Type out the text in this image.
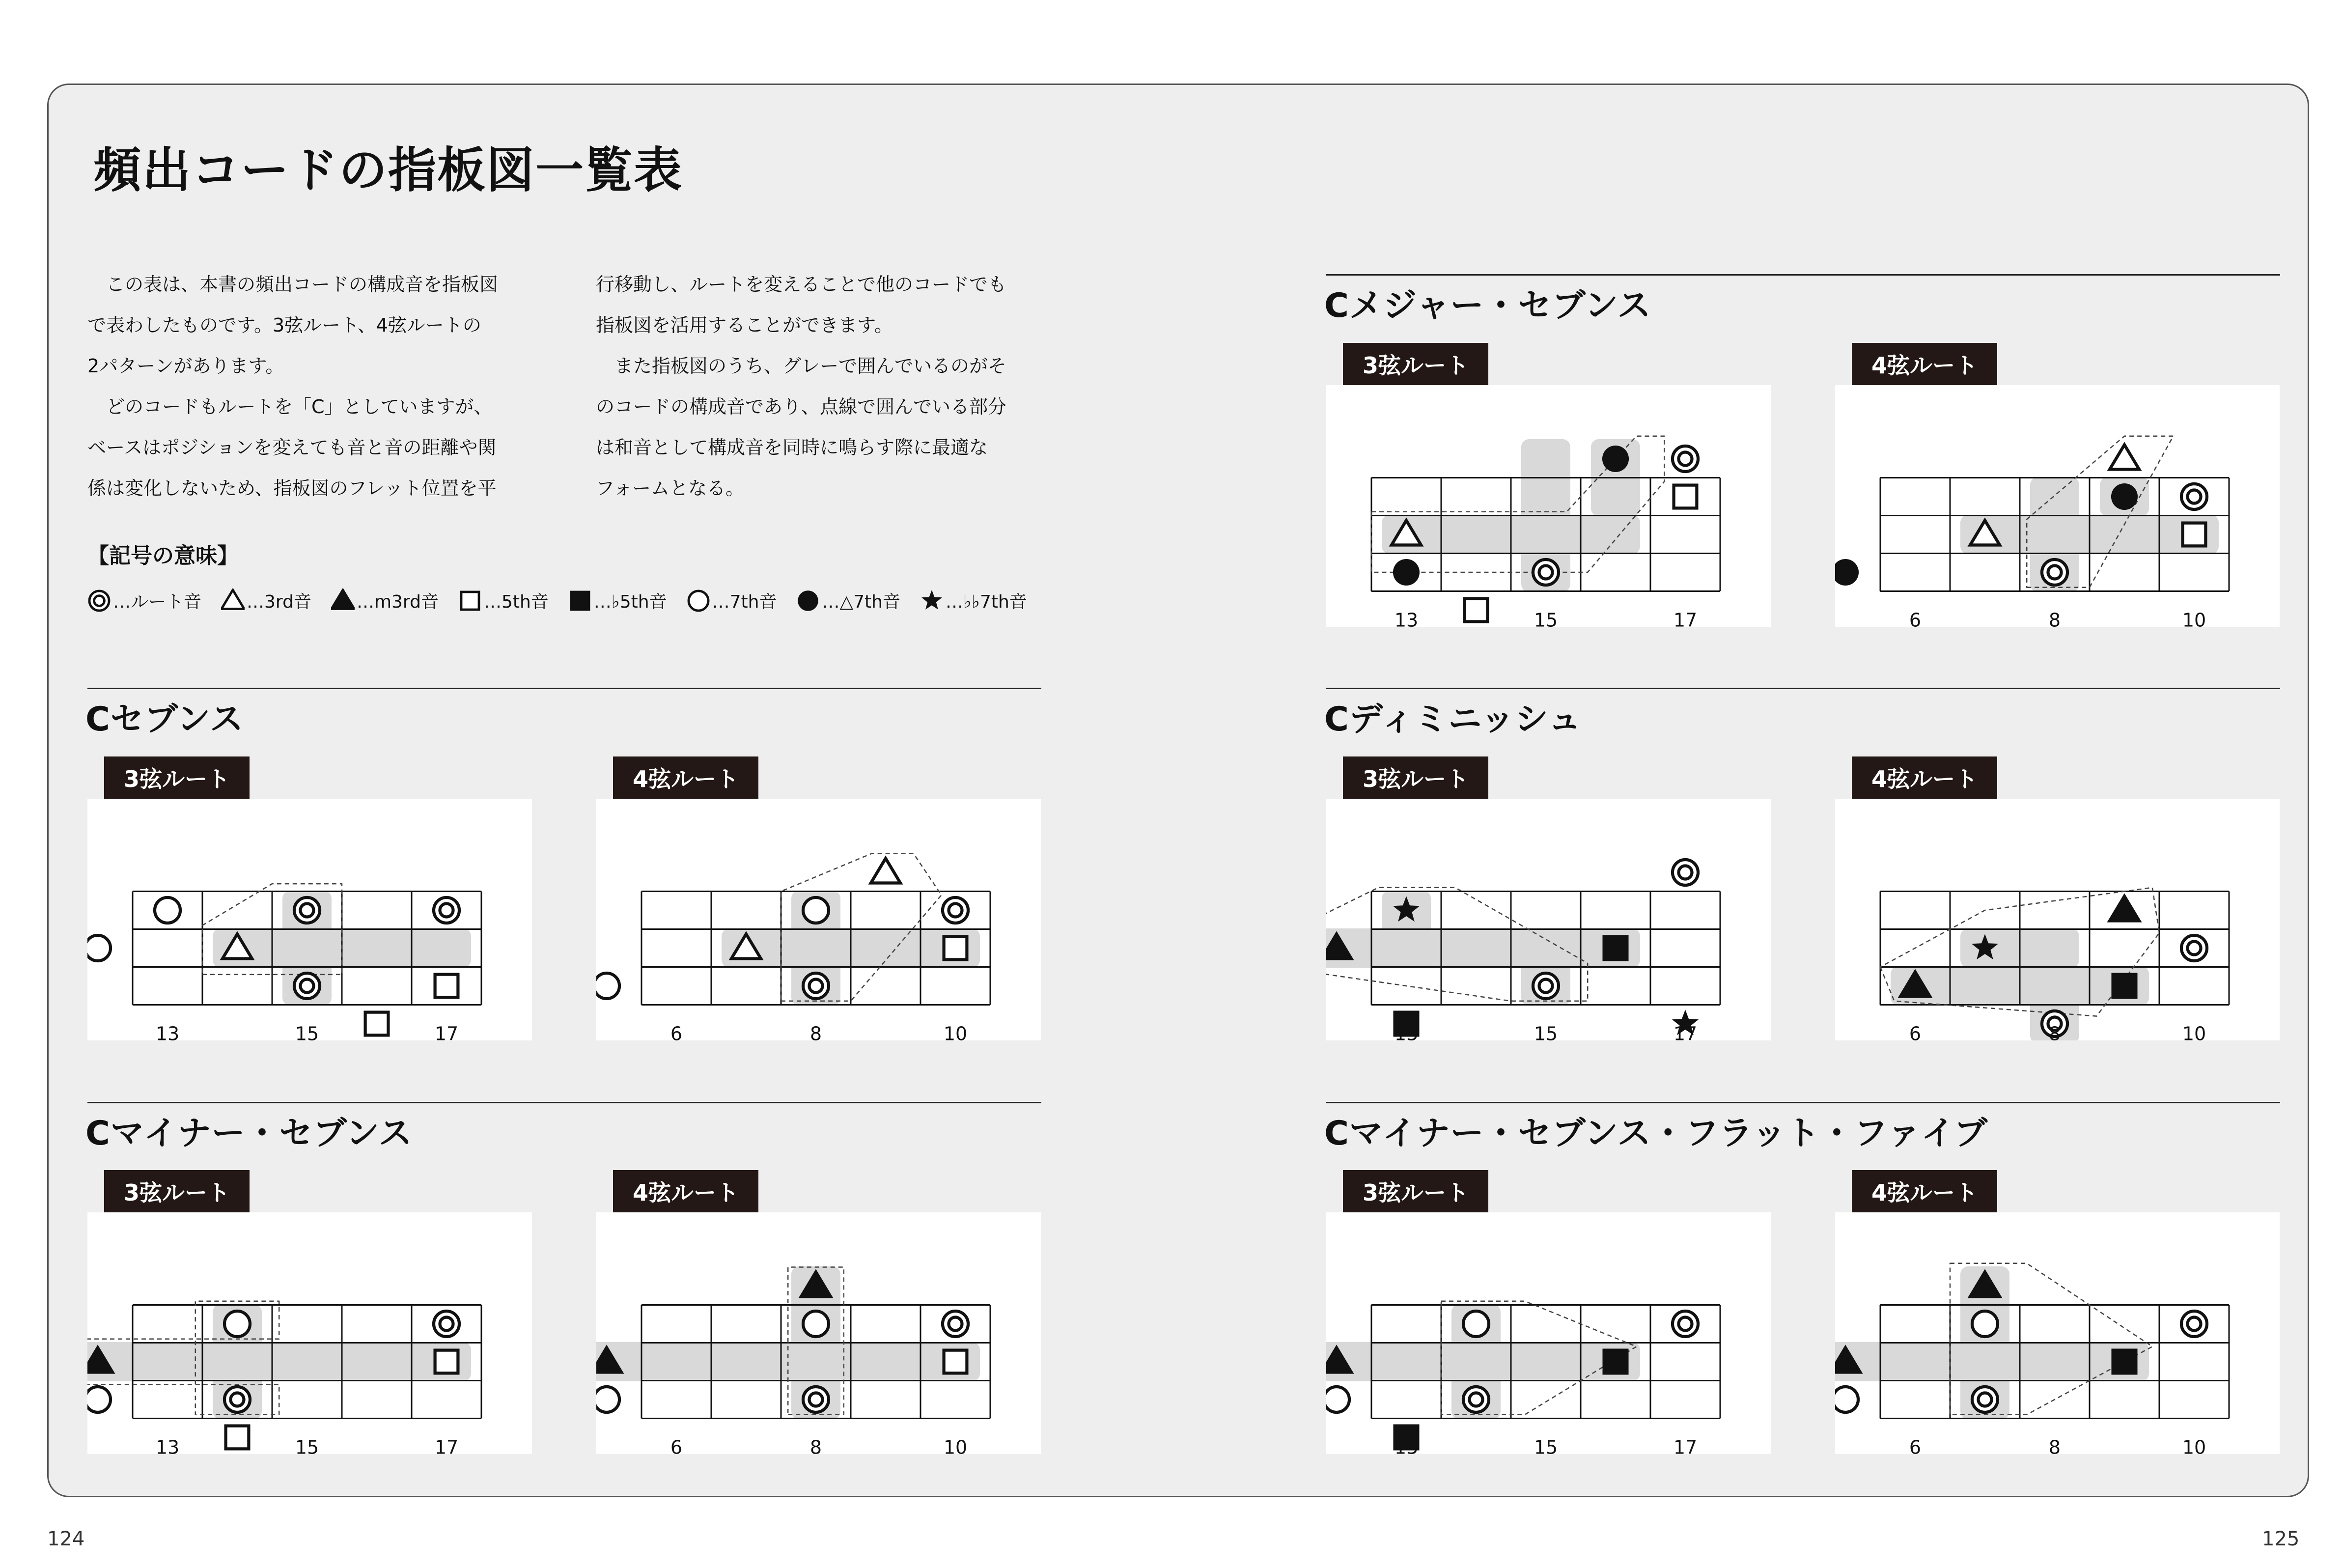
頻出コードの指板図一覧表

　この表は、本書の頻出コードの構成音を指板図

で表わしたものです。3弦ルート、4弦ルートの

2パターンがあります。

　どのコードもルートを「C」としていますが、

ベースはポジションを変えても音と音の距離や関

係は変化しないため、指板図のフレット位置を平

行移動し、ルートを変えることで他のコードでも

指板図を活用することができます。

　また指板図のうち、グレーで囲んでいるのがそ

のコードの構成音であり、点線で囲んでいる部分

は和音として構成音を同時に鳴らす際に最適な

フォームとなる。

【記号の意味】
…ルート音	…3rd音	…m3rd音	…5th音	…♭5th音	…7th音	…△7th音	…♭♭7th音
Cセブンス
3弦ルート	4弦ルート
13	15	17	6	8	10
Cマイナー・セブンス
3弦ルート	4弦ルート
13	15	17	6	8	10
Cメジャー・セブンス
3弦ルート	4弦ルート
13	15	17	6	8	10
Cディミニッシュ
3弦ルート	4弦ルート
13	15	17	6	8	10
Cマイナー・セブンス・フラット・ファイブ
3弦ルート	4弦ルート
13	15	17	6	8	10
124	125
